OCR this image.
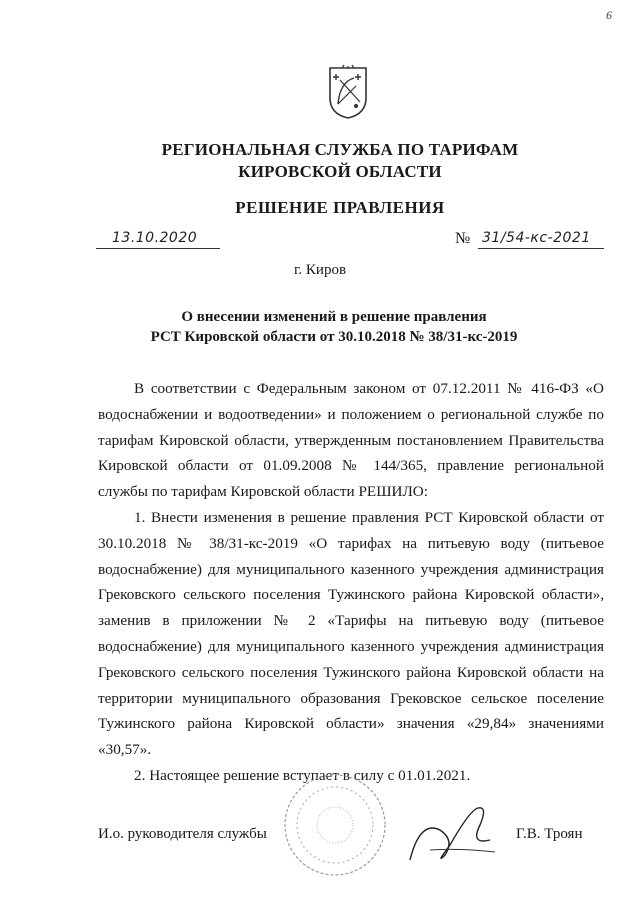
6
РЕГИОНАЛЬНАЯ СЛУЖБА ПО ТАРИФАМ
КИРОВСКОЙ ОБЛАСТИ
РЕШЕНИЕ ПРАВЛЕНИЯ
13.10.2020	№ 31/54-кс-2021
г. Киров
О внесении изменений в решение правления
РСТ Кировской области от 30.10.2018 № 38/31-кс-2019

В соответствии с Федеральным законом от 07.12.2011 № 416-ФЗ «О водоснабжении и водоотведении» и положением о региональной службе по тарифам Кировской области, утвержденным постановлением Правительства Кировской области от 01.09.2008 № 144/365, правление региональной службы по тарифам Кировской области РЕШИЛО:

1. Внести изменения в решение правления РСТ Кировской области от 30.10.2018 № 38/31-кс-2019 «О тарифах на питьевую воду (питьевое водоснабжение) для муниципального казенного учреждения администрация Грековского сельского поселения Тужинского района Кировской области», заменив в приложении № 2 «Тарифы на питьевую воду (питьевое водоснабжение) для муниципального казенного учреждения администрация Грековского сельского поселения Тужинского района Кировской области на территории муниципального образования Грековское сельское поселение Тужинского района Кировской области» значения «29,84» значениями «30,57».

2. Настоящее решение вступает в силу с 01.01.2021.

И.о. руководителя службы	Г.В. Троян
